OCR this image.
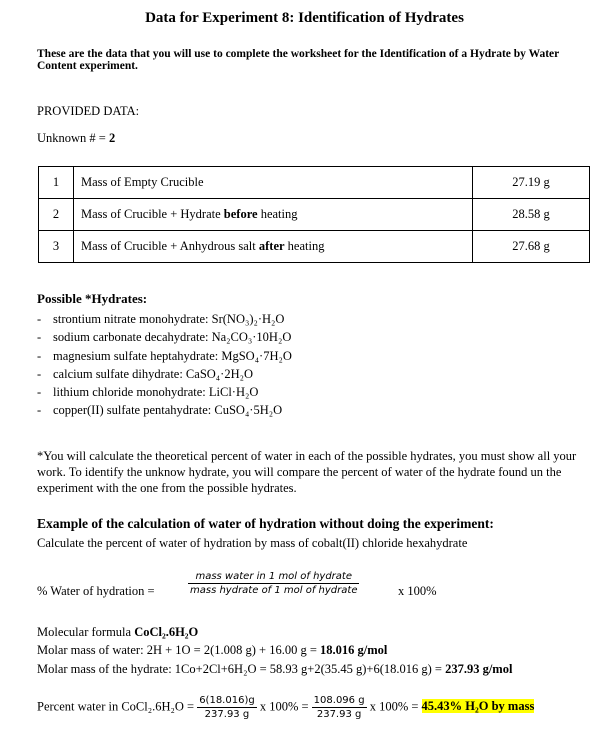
Data for Experiment 8: Identification of Hydrates
These are the data that you will use to complete the worksheet for the Identification of a Hydrate by Water Content experiment.
PROVIDED DATA:
Unknown # = 2
1	Mass of Empty Crucible	27.19 g
2	Mass of Crucible + Hydrate before heating	28.58 g
3	Mass of Crucible + Anhydrous salt after heating	27.68 g
Possible *Hydrates:
- strontium nitrate monohydrate: Sr(NO₃)₂·H₂O
- sodium carbonate decahydrate: Na₂CO₃·10H₂O
- magnesium sulfate heptahydrate: MgSO₄·7H₂O
- calcium sulfate dihydrate: CaSO₄·2H₂O
- lithium chloride monohydrate: LiCl·H₂O
- copper(II) sulfate pentahydrate: CuSO₄·5H₂O
*You will calculate the theoretical percent of water in each of the possible hydrates, you must show all your work. To identify the unknow hydrate, you will compare the percent of water of the hydrate found un the experiment with the one from the possible hydrates.
Example of the calculation of water of hydration without doing the experiment:
Calculate the percent of water of hydration by mass of cobalt(II) chloride hexahydrate
% Water of hydration =	$\frac{\text{mass water in 1 mol of hydrate}}{\text{mass hydrate of 1 mol of hydrate}}$	x 100%
Molecular formula CoCl₂.6H₂O
Molar mass of water: 2H + 1O = 2(1.008 g) + 16.00 g = 18.016 g/mol
Molar mass of the hydrate: 1Co+2Cl+6H₂O = 58.93 g+2(35.45 g)+6(18.016 g) = 237.93 g/mol
Percent water in CoCl₂.6H₂O = $\frac{6(18.016)g}{237.93 g}$ x $100\% = \frac{108.096 g}{237.93 g}$ x 100% = 45.43% H₂O by mass
